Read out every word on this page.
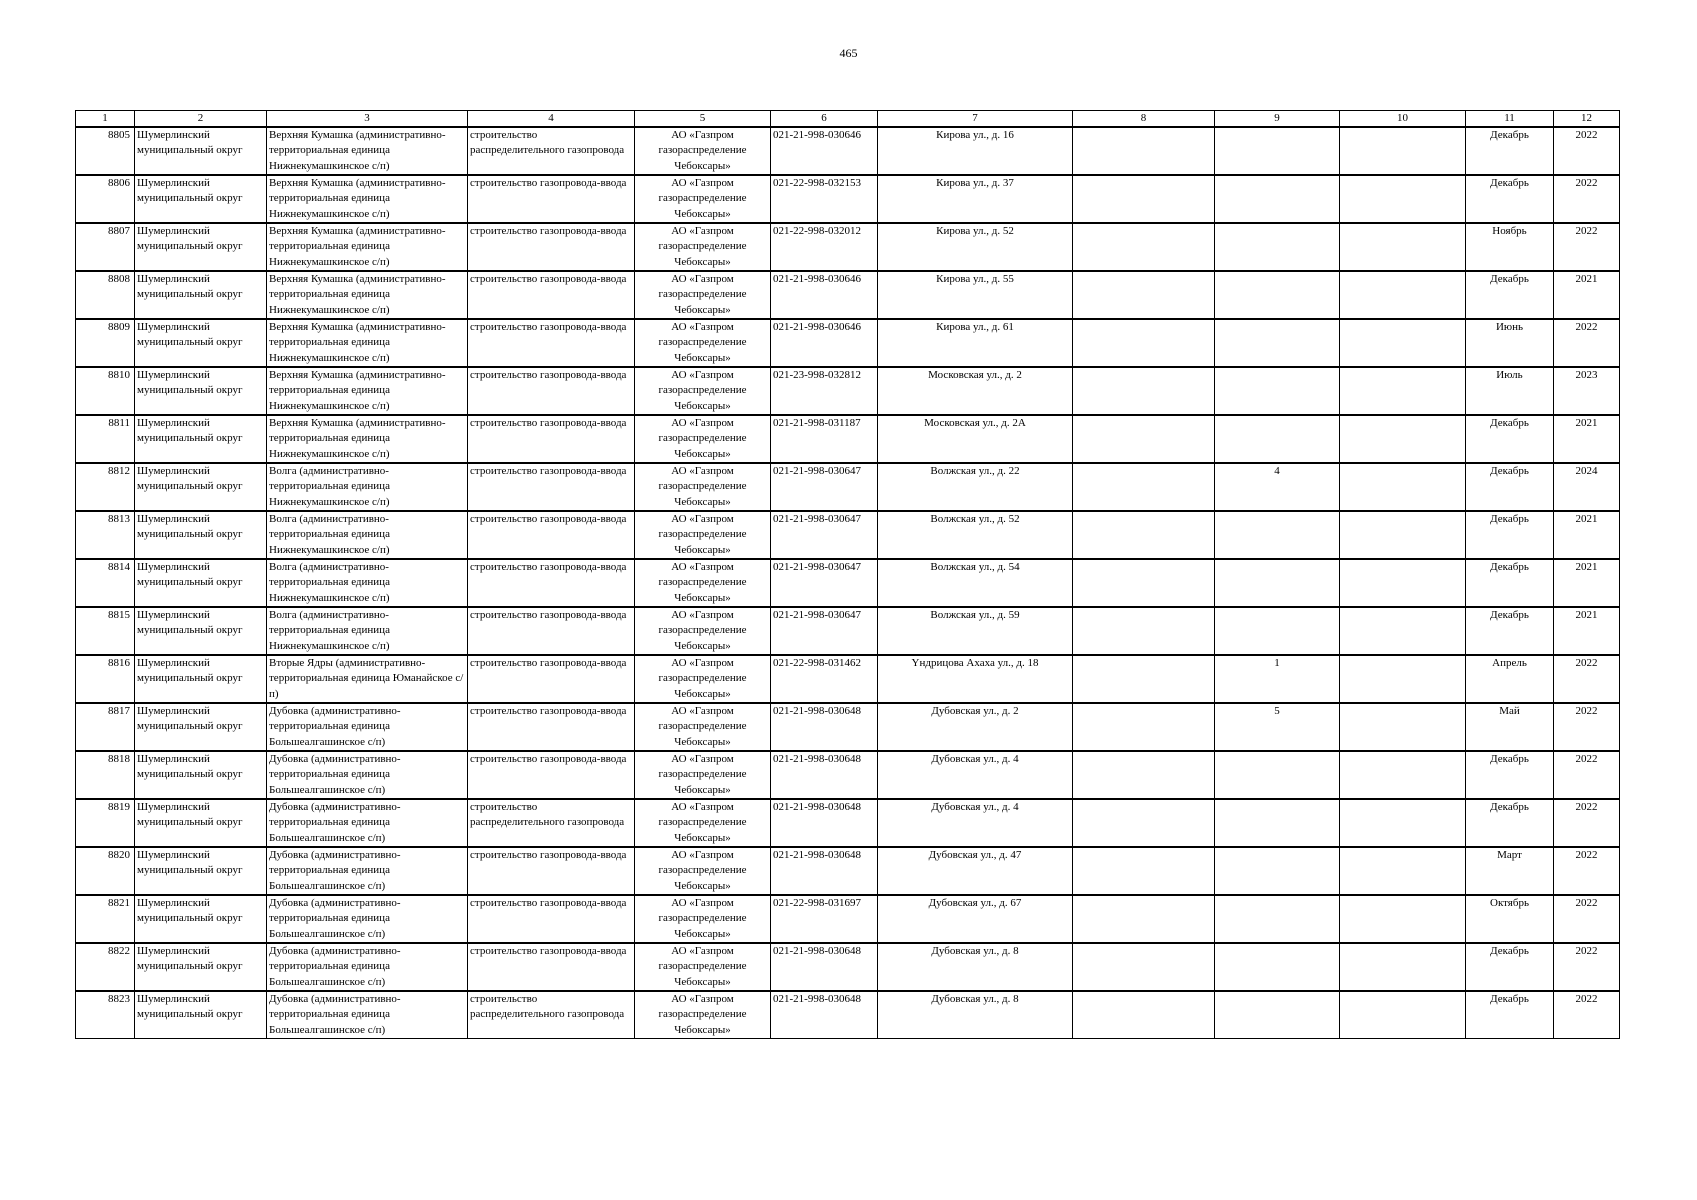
465
1	2	3	4	5	6	7	8	9	10	11	12
8805	Шумерлинский муниципальный округ	Верхняя Кумашка (административно-территориальная единица Нижнекумашкинское с/п)	строительство распределительного газопровода	АО «Газпром газораспределение Чебоксары»	021-21-998-030646	Кирова ул., д. 16				Декабрь	2022
8806	Шумерлинский муниципальный округ	Верхняя Кумашка (административно-территориальная единица Нижнекумашкинское с/п)	строительство газопровода-ввода	АО «Газпром газораспределение Чебоксары»	021-22-998-032153	Кирова ул., д. 37				Декабрь	2022
8807	Шумерлинский муниципальный округ	Верхняя Кумашка (административно-территориальная единица Нижнекумашкинское с/п)	строительство газопровода-ввода	АО «Газпром газораспределение Чебоксары»	021-22-998-032012	Кирова ул., д. 52				Ноябрь	2022
8808	Шумерлинский муниципальный округ	Верхняя Кумашка (административно-территориальная единица Нижнекумашкинское с/п)	строительство газопровода-ввода	АО «Газпром газораспределение Чебоксары»	021-21-998-030646	Кирова ул., д. 55				Декабрь	2021
8809	Шумерлинский муниципальный округ	Верхняя Кумашка (административно-территориальная единица Нижнекумашкинское с/п)	строительство газопровода-ввода	АО «Газпром газораспределение Чебоксары»	021-21-998-030646	Кирова ул., д. 61				Июнь	2022
8810	Шумерлинский муниципальный округ	Верхняя Кумашка (административно-территориальная единица Нижнекумашкинское с/п)	строительство газопровода-ввода	АО «Газпром газораспределение Чебоксары»	021-23-998-032812	Московская ул., д. 2				Июль	2023
8811	Шумерлинский муниципальный округ	Верхняя Кумашка (административно-территориальная единица Нижнекумашкинское с/п)	строительство газопровода-ввода	АО «Газпром газораспределение Чебоксары»	021-21-998-031187	Московская ул., д. 2А				Декабрь	2021
8812	Шумерлинский муниципальный округ	Волга (административно-территориальная единица Нижнекумашкинское с/п)	строительство газопровода-ввода	АО «Газпром газораспределение Чебоксары»	021-21-998-030647	Волжская ул., д. 22		4		Декабрь	2024
8813	Шумерлинский муниципальный округ	Волга (административно-территориальная единица Нижнекумашкинское с/п)	строительство газопровода-ввода	АО «Газпром газораспределение Чебоксары»	021-21-998-030647	Волжская ул., д. 52				Декабрь	2021
8814	Шумерлинский муниципальный округ	Волга (административно-территориальная единица Нижнекумашкинское с/п)	строительство газопровода-ввода	АО «Газпром газораспределение Чебоксары»	021-21-998-030647	Волжская ул., д. 54				Декабрь	2021
8815	Шумерлинский муниципальный округ	Волга (административно-территориальная единица Нижнекумашкинское с/п)	строительство газопровода-ввода	АО «Газпром газораспределение Чебоксары»	021-21-998-030647	Волжская ул., д. 59				Декабрь	2021
8816	Шумерлинский муниципальный округ	Вторые Ядры (административно-территориальная единица Юманайское с/п)	строительство газопровода-ввода	АО «Газпром газораспределение Чебоксары»	021-22-998-031462	Үндрицова Ахаха ул., д. 18		1		Апрель	2022
8817	Шумерлинский муниципальный округ	Дубовка (административно-территориальная единица Большеалгашинское с/п)	строительство газопровода-ввода	АО «Газпром газораспределение Чебоксары»	021-21-998-030648	Дубовская ул., д. 2		5		Май	2022
8818	Шумерлинский муниципальный округ	Дубовка (административно-территориальная единица Большеалгашинское с/п)	строительство газопровода-ввода	АО «Газпром газораспределение Чебоксары»	021-21-998-030648	Дубовская ул., д. 4				Декабрь	2022
8819	Шумерлинский муниципальный округ	Дубовка (административно-территориальная единица Большеалгашинское с/п)	строительство распределительного газопровода	АО «Газпром газораспределение Чебоксары»	021-21-998-030648	Дубовская ул., д. 4				Декабрь	2022
8820	Шумерлинский муниципальный округ	Дубовка (административно-территориальная единица Большеалгашинское с/п)	строительство газопровода-ввода	АО «Газпром газораспределение Чебоксары»	021-21-998-030648	Дубовская ул., д. 47				Март	2022
8821	Шумерлинский муниципальный округ	Дубовка (административно-территориальная единица Большеалгашинское с/п)	строительство газопровода-ввода	АО «Газпром газораспределение Чебоксары»	021-22-998-031697	Дубовская ул., д. 67				Октябрь	2022
8822	Шумерлинский муниципальный округ	Дубовка (административно-территориальная единица Большеалгашинское с/п)	строительство газопровода-ввода	АО «Газпром газораспределение Чебоксары»	021-21-998-030648	Дубовская ул., д. 8				Декабрь	2022
8823	Шумерлинский муниципальный округ	Дубовка (административно-территориальная единица Большеалгашинское с/п)	строительство распределительного газопровода	АО «Газпром газораспределение Чебоксары»	021-21-998-030648	Дубовская ул., д. 8				Декабрь	2022
